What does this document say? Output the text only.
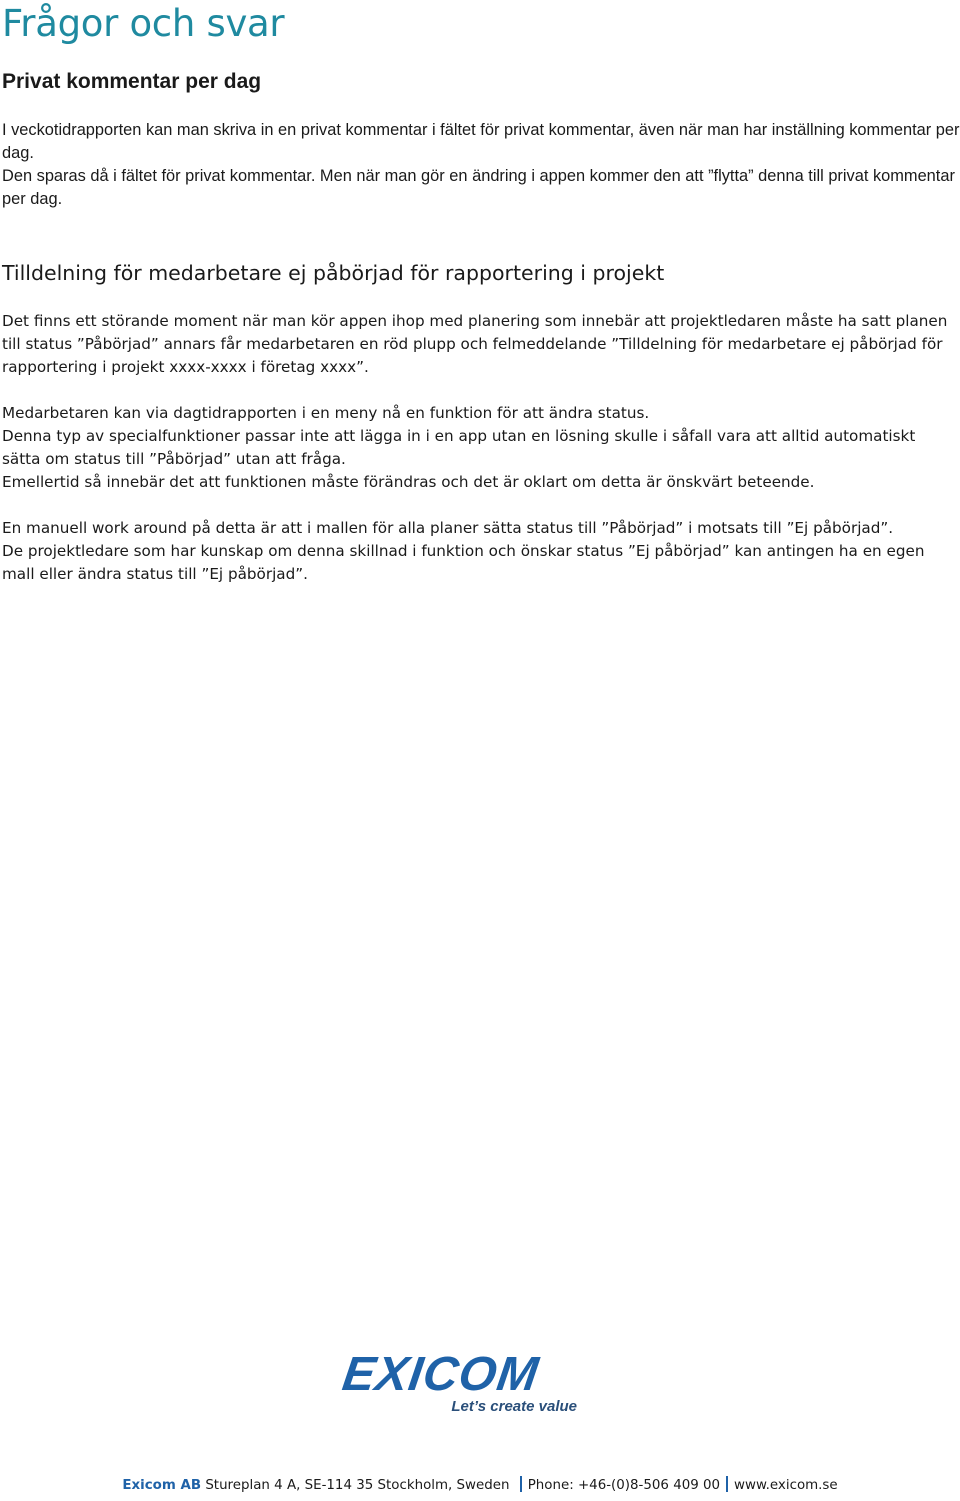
Frågor och svar
Privat kommentar per dag

I veckotidrapporten kan man skriva in en privat kommentar i fältet för privat kommentar, även när man har inställning kommentar per dag.

Den sparas då i fältet för privat kommentar. Men när man gör en ändring i appen kommer den att ”flytta” denna till privat kommentar per dag.

Tilldelning för medarbetare ej påbörjad för rapportering i projekt

Det finns ett störande moment när man kör appen ihop med planering som innebär att projektledaren måste ha satt planen till status ”Påbörjad” annars får medarbetaren en röd plupp och felmeddelande ”Tilldelning för medarbetare ej påbörjad för rapportering i projekt xxxx-xxxx i företag xxxx”.

Medarbetaren kan via dagtidrapporten i en meny nå en funktion för att ändra status.

Denna typ av specialfunktioner passar inte att lägga in i en app utan en lösning skulle i såfall vara att alltid automatiskt sätta om status till ”Påbörjad” utan att fråga.

Emellertid så innebär det att funktionen måste förändras och det är oklart om detta är önskvärt beteende.

En manuell work around på detta är att i mallen för alla planer sätta status till ”Påbörjad” i motsats till ”Ej påbörjad”.

De projektledare som har kunskap om denna skillnad i funktion och önskar status ”Ej påbörjad” kan antingen ha en egen mall eller ändra status till ”Ej påbörjad”.

EXICOM
Let’s create value
Exicom AB Stureplan 4 A, SE-114 35 Stockholm, Sweden Phone: +46-(0)8-506 409 00 www.exicom.se
